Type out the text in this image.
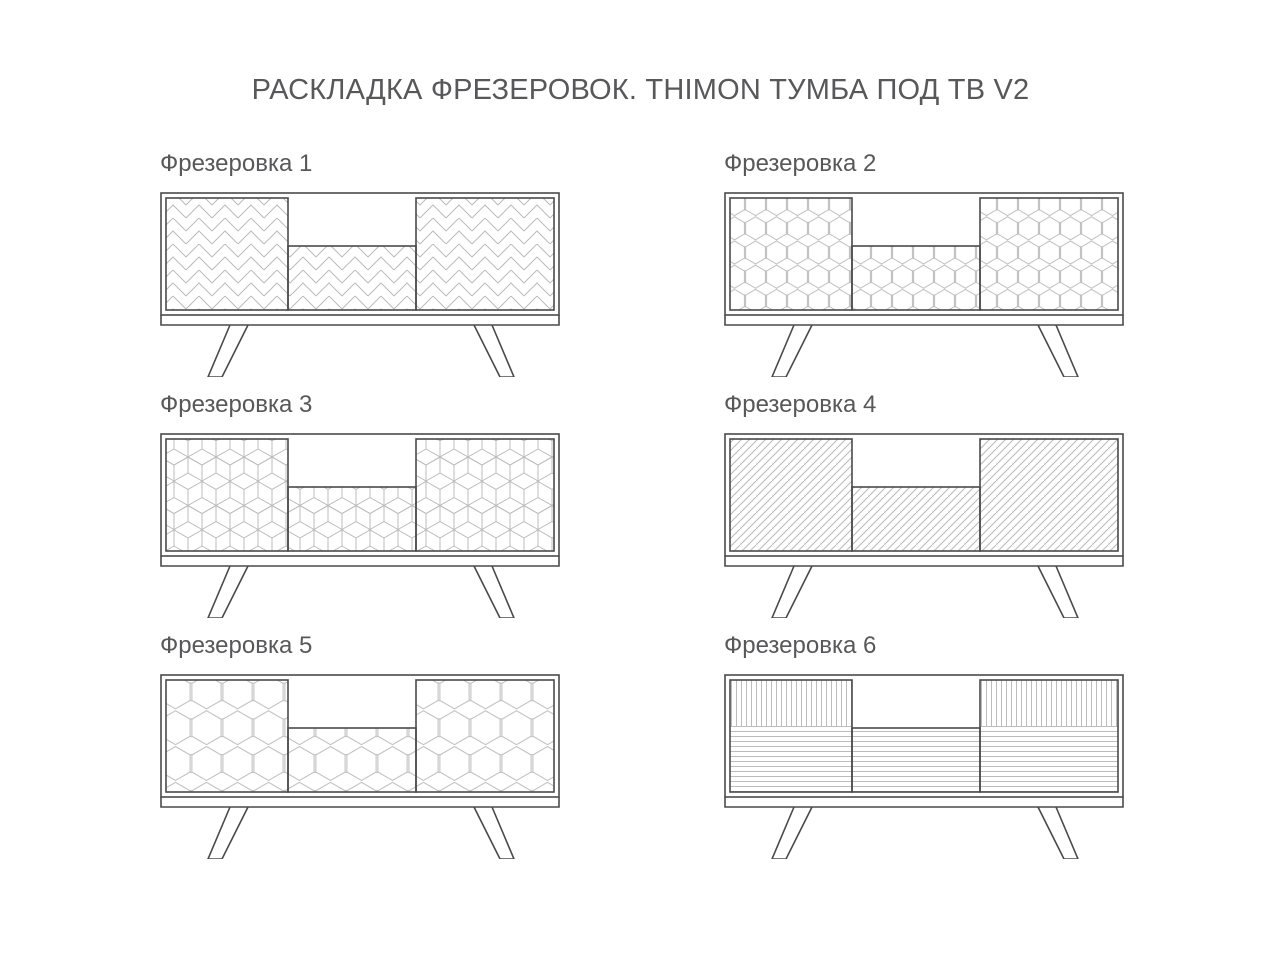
РАСКЛАДКА ФРЕЗЕРОВОК. THIMON ТУМБА ПОД ТВ V2
Фрезеровка 1	Фрезеровка 2
Фрезеровка 3	Фрезеровка 4
Фрезеровка 5	Фрезеровка 6
